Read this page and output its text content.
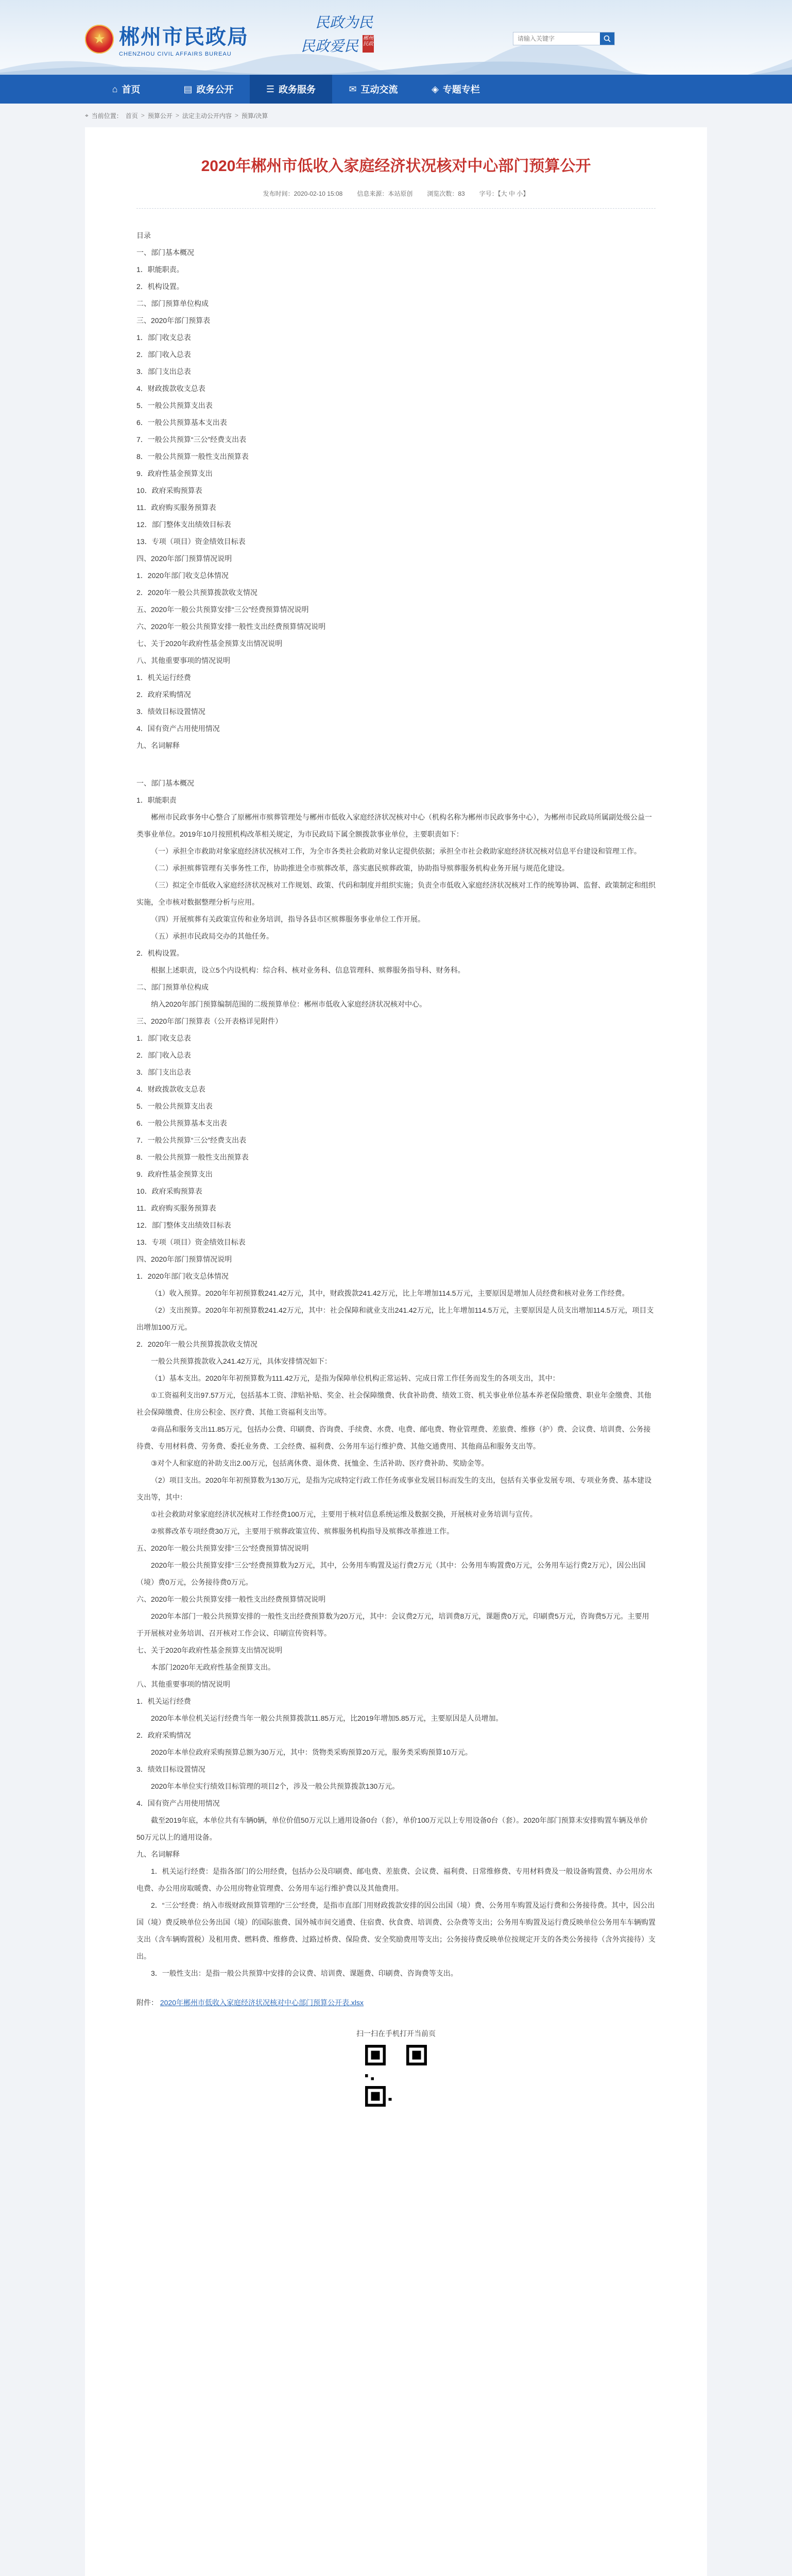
★ 郴州市民政局
CHENZHOU CIVIL AFFAIRS BUREAU
民政为民
民政爱民 郴州民政
请输入关键字
⌂ 首页	▤ 政务公开	☰ 政务服务	✉ 互动交流	◈ 专题专栏
⌖ 当前位置： 首页 > 预算公开 > 法定主动公开内容 > 预算/决算
2020年郴州市低收入家庭经济状况核对中心部门预算公开
发布时间：2020-02-10 15:08 信息来源：本站原创 浏览次数：83 字号：【大 中 小】

目录

一、部门基本概况

1．职能职责。

2．机构设置。

二、部门预算单位构成

三、2020年部门预算表

1．部门收支总表

2．部门收入总表

3．部门支出总表

4．财政拨款收支总表

5．一般公共预算支出表

6．一般公共预算基本支出表

7．一般公共预算“三公”经费支出表

8．一般公共预算一般性支出预算表

9．政府性基金预算支出

10．政府采购预算表

11．政府购买服务预算表

12．部门整体支出绩效目标表

13．专项（项目）资金绩效目标表

四、2020年部门预算情况说明

1．2020年部门收支总体情况

2．2020年一般公共预算拨款收支情况

五、2020年一般公共预算安排“三公”经费预算情况说明

六、2020年一般公共预算安排一般性支出经费预算情况说明

七、关于2020年政府性基金预算支出情况说明

八、其他重要事项的情况说明

1．机关运行经费

2．政府采购情况

3．绩效目标设置情况

4．国有资产占用使用情况

九、名词解释

一、部门基本概况

1．职能职责

郴州市民政事务中心整合了原郴州市殡葬管理处与郴州市低收入家庭经济状况核对中心（机构名称为郴州市民政事务中心），为郴州市民政局所属副处级公益一类事业单位。2019年10月按照机构改革相关规定，为市民政局下属全额拨款事业单位，主要职责如下：

（一）承担全市救助对象家庭经济状况核对工作，为全市各类社会救助对象认定提供依据；承担全市社会救助家庭经济状况核对信息平台建设和管理工作。

（二）承担殡葬管理有关事务性工作，协助推进全市殡葬改革，落实惠民殡葬政策，协助指导殡葬服务机构业务开展与规范化建设。

（三）拟定全市低收入家庭经济状况核对工作规划、政策、代码和制度并组织实施；负责全市低收入家庭经济状况核对工作的统筹协调、监督、政策制定和组织实施，全市核对数据整理分析与应用。

（四）开展殡葬有关政策宣传和业务培训，指导各县市区殡葬服务事业单位工作开展。

（五）承担市民政局交办的其他任务。

2．机构设置。

根据上述职责，设立5个内设机构：综合科、核对业务科、信息管理科、殡葬服务指导科、财务科。

二、部门预算单位构成

纳入2020年部门预算编制范围的二级预算单位：郴州市低收入家庭经济状况核对中心。

三、2020年部门预算表（公开表格详见附件）

1．部门收支总表

2．部门收入总表

3．部门支出总表

4．财政拨款收支总表

5．一般公共预算支出表

6．一般公共预算基本支出表

7．一般公共预算“三公”经费支出表

8．一般公共预算一般性支出预算表

9．政府性基金预算支出

10．政府采购预算表

11．政府购买服务预算表

12．部门整体支出绩效目标表

13．专项（项目）资金绩效目标表

四、2020年部门预算情况说明

1．2020年部门收支总体情况

（1）收入预算。2020年年初预算数241.42万元，其中，财政拨款241.42万元，比上年增加114.5万元，主要原因是增加人员经费和核对业务工作经费。

（2）支出预算。2020年年初预算数241.42万元，其中：社会保障和就业支出241.42万元，比上年增加114.5万元，主要原因是人员支出增加114.5万元，项目支出增加100万元。

2．2020年一般公共预算拨款收支情况

一般公共预算拨款收入241.42万元，具体安排情况如下：

（1）基本支出。2020年年初预算数为111.42万元，是指为保障单位机构正常运转、完成日常工作任务而发生的各项支出，其中：

①工资福利支出97.57万元，包括基本工资、津贴补贴、奖金、社会保障缴费、伙食补助费、绩效工资、机关事业单位基本养老保险缴费、职业年金缴费、其他社会保障缴费、住房公积金、医疗费、其他工资福利支出等。

②商品和服务支出11.85万元，包括办公费、印刷费、咨询费、手续费、水费、电费、邮电费、物业管理费、差旅费、维修（护）费、会议费、培训费、公务接待费、专用材料费、劳务费、委托业务费、工会经费、福利费、公务用车运行维护费、其他交通费用、其他商品和服务支出等。

③对个人和家庭的补助支出2.00万元，包括离休费、退休费、抚恤金、生活补助、医疗费补助、奖励金等。

（2）项目支出。2020年年初预算数为130万元，是指为完成特定行政工作任务或事业发展目标而发生的支出，包括有关事业发展专项、专项业务费、基本建设支出等，其中：

①社会救助对象家庭经济状况核对工作经费100万元，主要用于核对信息系统运维及数据交换，开展核对业务培训与宣传。

②殡葬改革专项经费30万元，主要用于殡葬政策宣传、殡葬服务机构指导及殡葬改革推进工作。

五、2020年一般公共预算安排“三公”经费预算情况说明

2020年一般公共预算安排“三公”经费预算数为2万元，其中，公务用车购置及运行费2万元（其中：公务用车购置费0万元，公务用车运行费2万元），因公出国（境）费0万元，公务接待费0万元。

六、2020年一般公共预算安排一般性支出经费预算情况说明

2020年本部门一般公共预算安排的一般性支出经费预算数为20万元，其中：会议费2万元，培训费8万元，课题费0万元，印刷费5万元，咨询费5万元。主要用于开展核对业务培训、召开核对工作会议、印刷宣传资料等。

七、关于2020年政府性基金预算支出情况说明

本部门2020年无政府性基金预算支出。

八、其他重要事项的情况说明

1．机关运行经费

2020年本单位机关运行经费当年一般公共预算拨款11.85万元，比2019年增加5.85万元，主要原因是人员增加。

2．政府采购情况

2020年本单位政府采购预算总额为30万元，其中：货物类采购预算20万元，服务类采购预算10万元。

3．绩效目标设置情况

2020年本单位实行绩效目标管理的项目2个，涉及一般公共预算拨款130万元。

4．国有资产占用使用情况

截至2019年底，本单位共有车辆0辆，单位价值50万元以上通用设备0台（套），单价100万元以上专用设备0台（套）。2020年部门预算未安排购置车辆及单价50万元以上的通用设备。

九、名词解释

1．机关运行经费：是指各部门的公用经费，包括办公及印刷费、邮电费、差旅费、会议费、福利费、日常维修费、专用材料费及一般设备购置费、办公用房水电费、办公用房取暖费、办公用房物业管理费、公务用车运行维护费以及其他费用。

2．“三公”经费：纳入市级财政预算管理的“三公”经费，是指市直部门用财政拨款安排的因公出国（境）费、公务用车购置及运行费和公务接待费。其中，因公出国（境）费反映单位公务出国（境）的国际旅费、国外城市间交通费、住宿费、伙食费、培训费、公杂费等支出；公务用车购置及运行费反映单位公务用车车辆购置支出（含车辆购置税）及租用费、燃料费、维修费、过路过桥费、保险费、安全奖励费用等支出；公务接待费反映单位按规定开支的各类公务接待（含外宾接待）支出。

3．一般性支出：是指一般公共预算中安排的会议费、培训费、课题费、印刷费、咨询费等支出。

附件： 2020年郴州市低收入家庭经济状况核对中心部门预算公开表.xlsx
扫一扫在手机打开当前页
